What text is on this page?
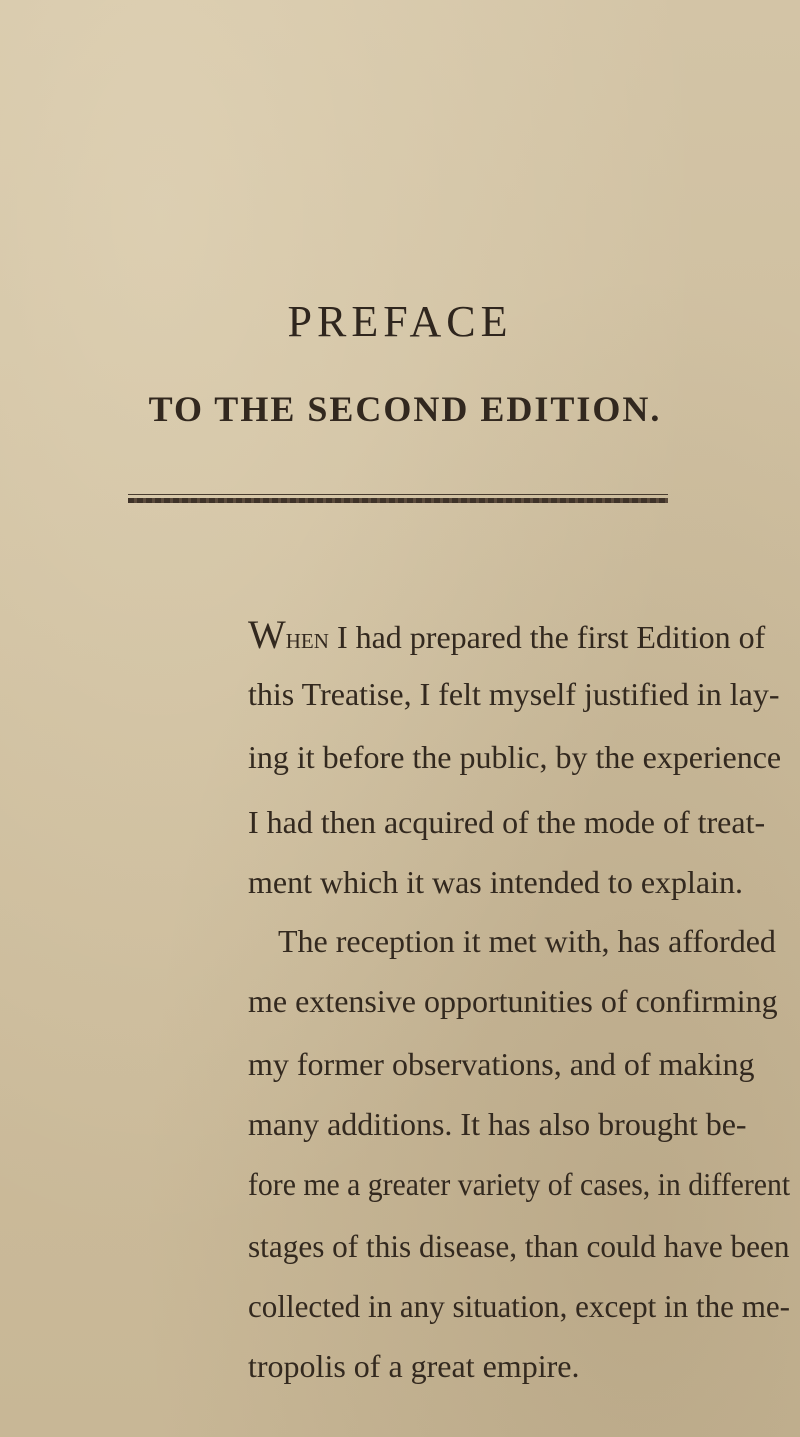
PREFACE
TO THE SECOND EDITION.
When I had prepared the first Edition of
this Treatise, I felt myself justified in lay-
ing it before the public, by the experience
I had then acquired of the mode of treat-
ment which it was intended to explain.
The reception it met with, has afforded
me extensive opportunities of confirming
my former observations, and of making
many additions. It has also brought be-
fore me a greater variety of cases, in different
stages of this disease, than could have been
collected in any situation, except in the me-
tropolis of a great empire.
